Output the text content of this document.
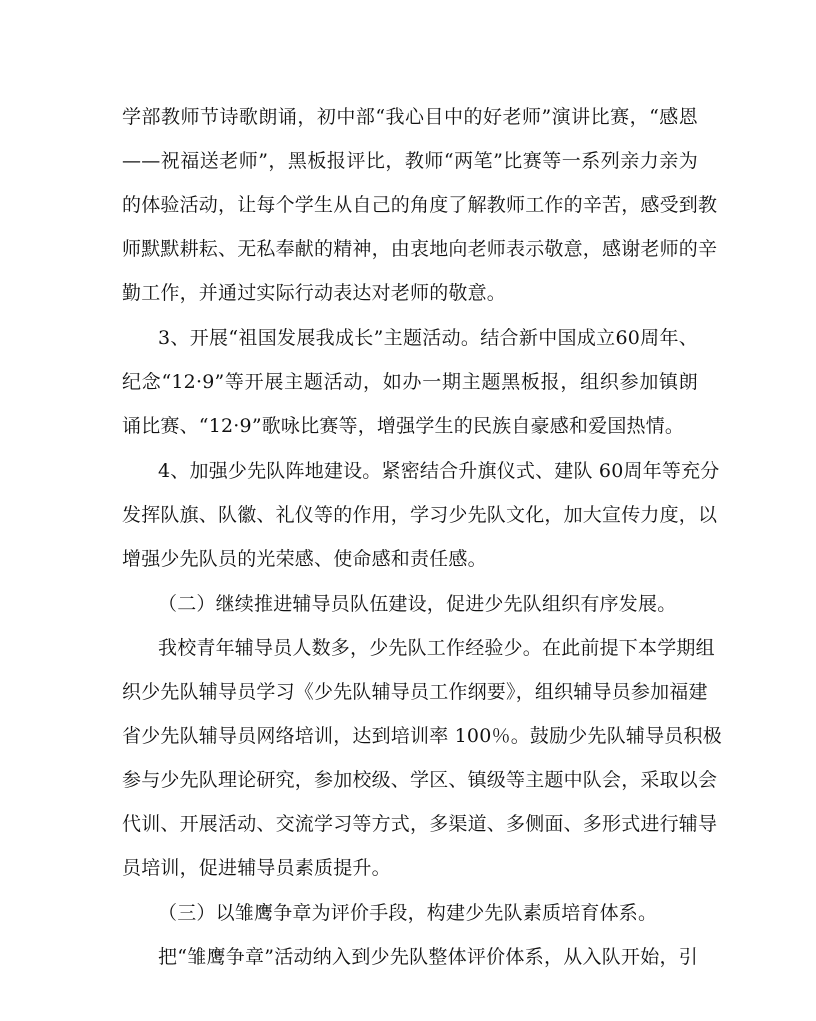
学部教师节诗歌朗诵，初中部“我心目中的好老师”演讲比赛，“感恩
——祝福送老师”，黑板报评比，教师“两笔”比赛等一系列亲力亲为
的体验活动，让每个学生从自己的角度了解教师工作的辛苦，感受到教
师默默耕耘、无私奉献的精神，由衷地向老师表示敬意，感谢老师的辛
勤工作，并通过实际行动表达对老师的敬意。
3、开展“祖国发展我成长”主题活动。结合新中国成立60周年、
纪念“12·9”等开展主题活动，如办一期主题黑板报，组织参加镇朗
诵比赛、“12·9”歌咏比赛等，增强学生的民族自豪感和爱国热情。
4、加强少先队阵地建设。紧密结合升旗仪式、建队 60周年等充分
发挥队旗、队徽、礼仪等的作用，学习少先队文化，加大宣传力度，以
增强少先队员的光荣感、使命感和责任感。
（二）继续推进辅导员队伍建设，促进少先队组织有序发展。
我校青年辅导员人数多，少先队工作经验少。在此前提下本学期组
织少先队辅导员学习《少先队辅导员工作纲要》，组织辅导员参加福建
省少先队辅导员网络培训，达到培训率 100％。鼓励少先队辅导员积极
参与少先队理论研究，参加校级、学区、镇级等主题中队会，采取以会
代训、开展活动、交流学习等方式，多渠道、多侧面、多形式进行辅导
员培训，促进辅导员素质提升。
（三）以雏鹰争章为评价手段，构建少先队素质培育体系。
把“雏鹰争章”活动纳入到少先队整体评价体系，从入队开始，引
